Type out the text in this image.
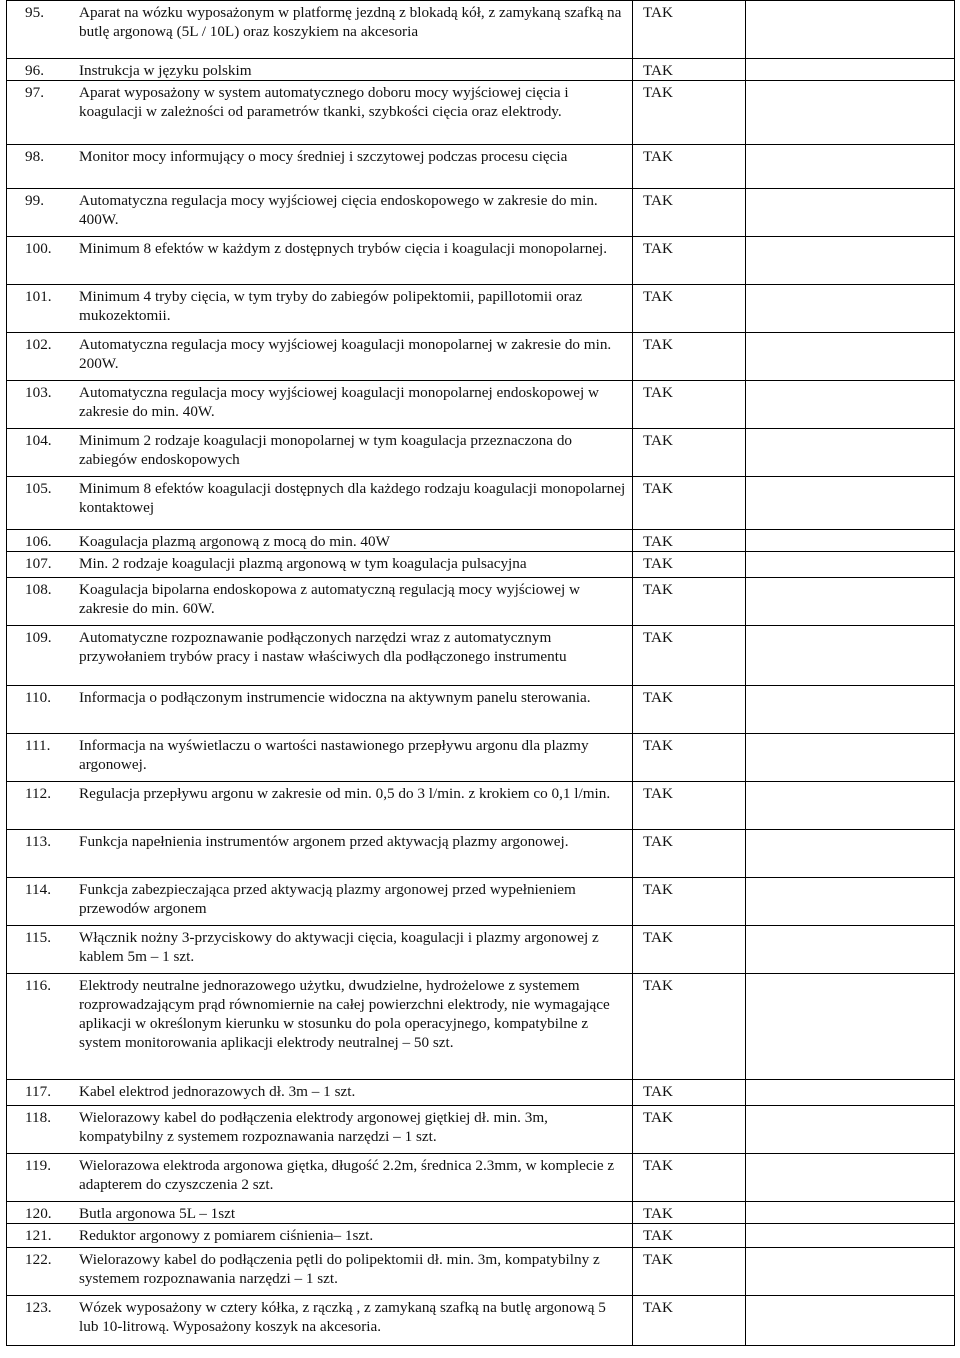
95. Aparat na wózku wyposażonym w platformę jezdną z blokadą kół, z zamykaną szafką na butlę argonową (5L / 10L) oraz koszykiem na akcesoria	TAK	

96. Instrukcja w języku polskim	TAK	

97. Aparat wyposażony w system automatycznego doboru mocy wyjściowej cięcia i koagulacji w zależności od parametrów tkanki, szybkości cięcia oraz elektrody.	TAK	

98. Monitor mocy informujący o mocy średniej i szczytowej podczas procesu cięcia	TAK	

99. Automatyczna regulacja mocy wyjściowej cięcia endoskopowego w zakresie do min. 400W.	TAK	

100. Minimum 8 efektów w każdym z dostępnych trybów cięcia i koagulacji monopolarnej.	TAK	

101. Minimum 4 tryby cięcia, w tym tryby do zabiegów polipektomii, papillotomii oraz mukozektomii.	TAK	

102. Automatyczna regulacja mocy wyjściowej koagulacji monopolarnej w zakresie do min. 200W.	TAK	

103. Automatyczna regulacja mocy wyjściowej koagulacji monopolarnej endoskopowej w zakresie do min. 40W.	TAK	

104. Minimum 2 rodzaje koagulacji monopolarnej w tym koagulacja przeznaczona do zabiegów endoskopowych	TAK	

105. Minimum 8 efektów koagulacji dostępnych dla każdego rodzaju koagulacji monopolarnej kontaktowej	TAK	

106. Koagulacja plazmą argonową z mocą do min. 40W	TAK	

107. Min. 2 rodzaje koagulacji plazmą argonową w tym koagulacja pulsacyjna	TAK	

108. Koagulacja bipolarna endoskopowa z automatyczną regulacją mocy wyjściowej w zakresie do min. 60W.	TAK	

109. Automatyczne rozpoznawanie podłączonych narzędzi wraz z automatycznym przywołaniem trybów pracy i nastaw właściwych dla podłączonego instrumentu	TAK	

110. Informacja o podłączonym instrumencie widoczna na aktywnym panelu sterowania.	TAK	

111. Informacja na wyświetlaczu o wartości nastawionego przepływu argonu dla plazmy argonowej.	TAK	

112. Regulacja przepływu argonu w zakresie od min. 0,5 do 3 l/min. z krokiem co 0,1 l/min.	TAK	

113. Funkcja napełnienia instrumentów argonem przed aktywacją plazmy argonowej.	TAK	

114. Funkcja zabezpieczająca przed aktywacją plazmy argonowej przed wypełnieniem przewodów argonem	TAK	

115. Włącznik nożny 3-przyciskowy do aktywacji cięcia, koagulacji i plazmy argonowej z kablem 5m – 1 szt.	TAK	

116. Elektrody neutralne jednorazowego użytku, dwudzielne, hydrożelowe z systemem rozprowadzającym prąd równomiernie na całej powierzchni elektrody, nie wymagające aplikacji w określonym kierunku w stosunku do pola operacyjnego, kompatybilne z system monitorowania aplikacji elektrody neutralnej – 50 szt.	TAK	

117. Kabel elektrod jednorazowych dł. 3m – 1 szt.	TAK	

118. Wielorazowy kabel do podłączenia elektrody argonowej giętkiej dł. min. 3m, kompatybilny z systemem rozpoznawania narzędzi – 1 szt.	TAK	

119. Wielorazowa elektroda argonowa giętka, długość 2.2m, średnica 2.3mm, w komplecie z adapterem do czyszczenia 2 szt.	TAK	

120. Butla argonowa 5L – 1szt	TAK	

121. Reduktor argonowy z pomiarem ciśnienia– 1szt.	TAK	

122. Wielorazowy kabel do podłączenia pętli do polipektomii dł. min. 3m, kompatybilny z systemem rozpoznawania narzędzi – 1 szt.	TAK	

123. Wózek wyposażony w cztery kółka, z rączką , z zamykaną szafką na butlę argonową 5 lub 10-litrową. Wyposażony koszyk na akcesoria.	TAK	
